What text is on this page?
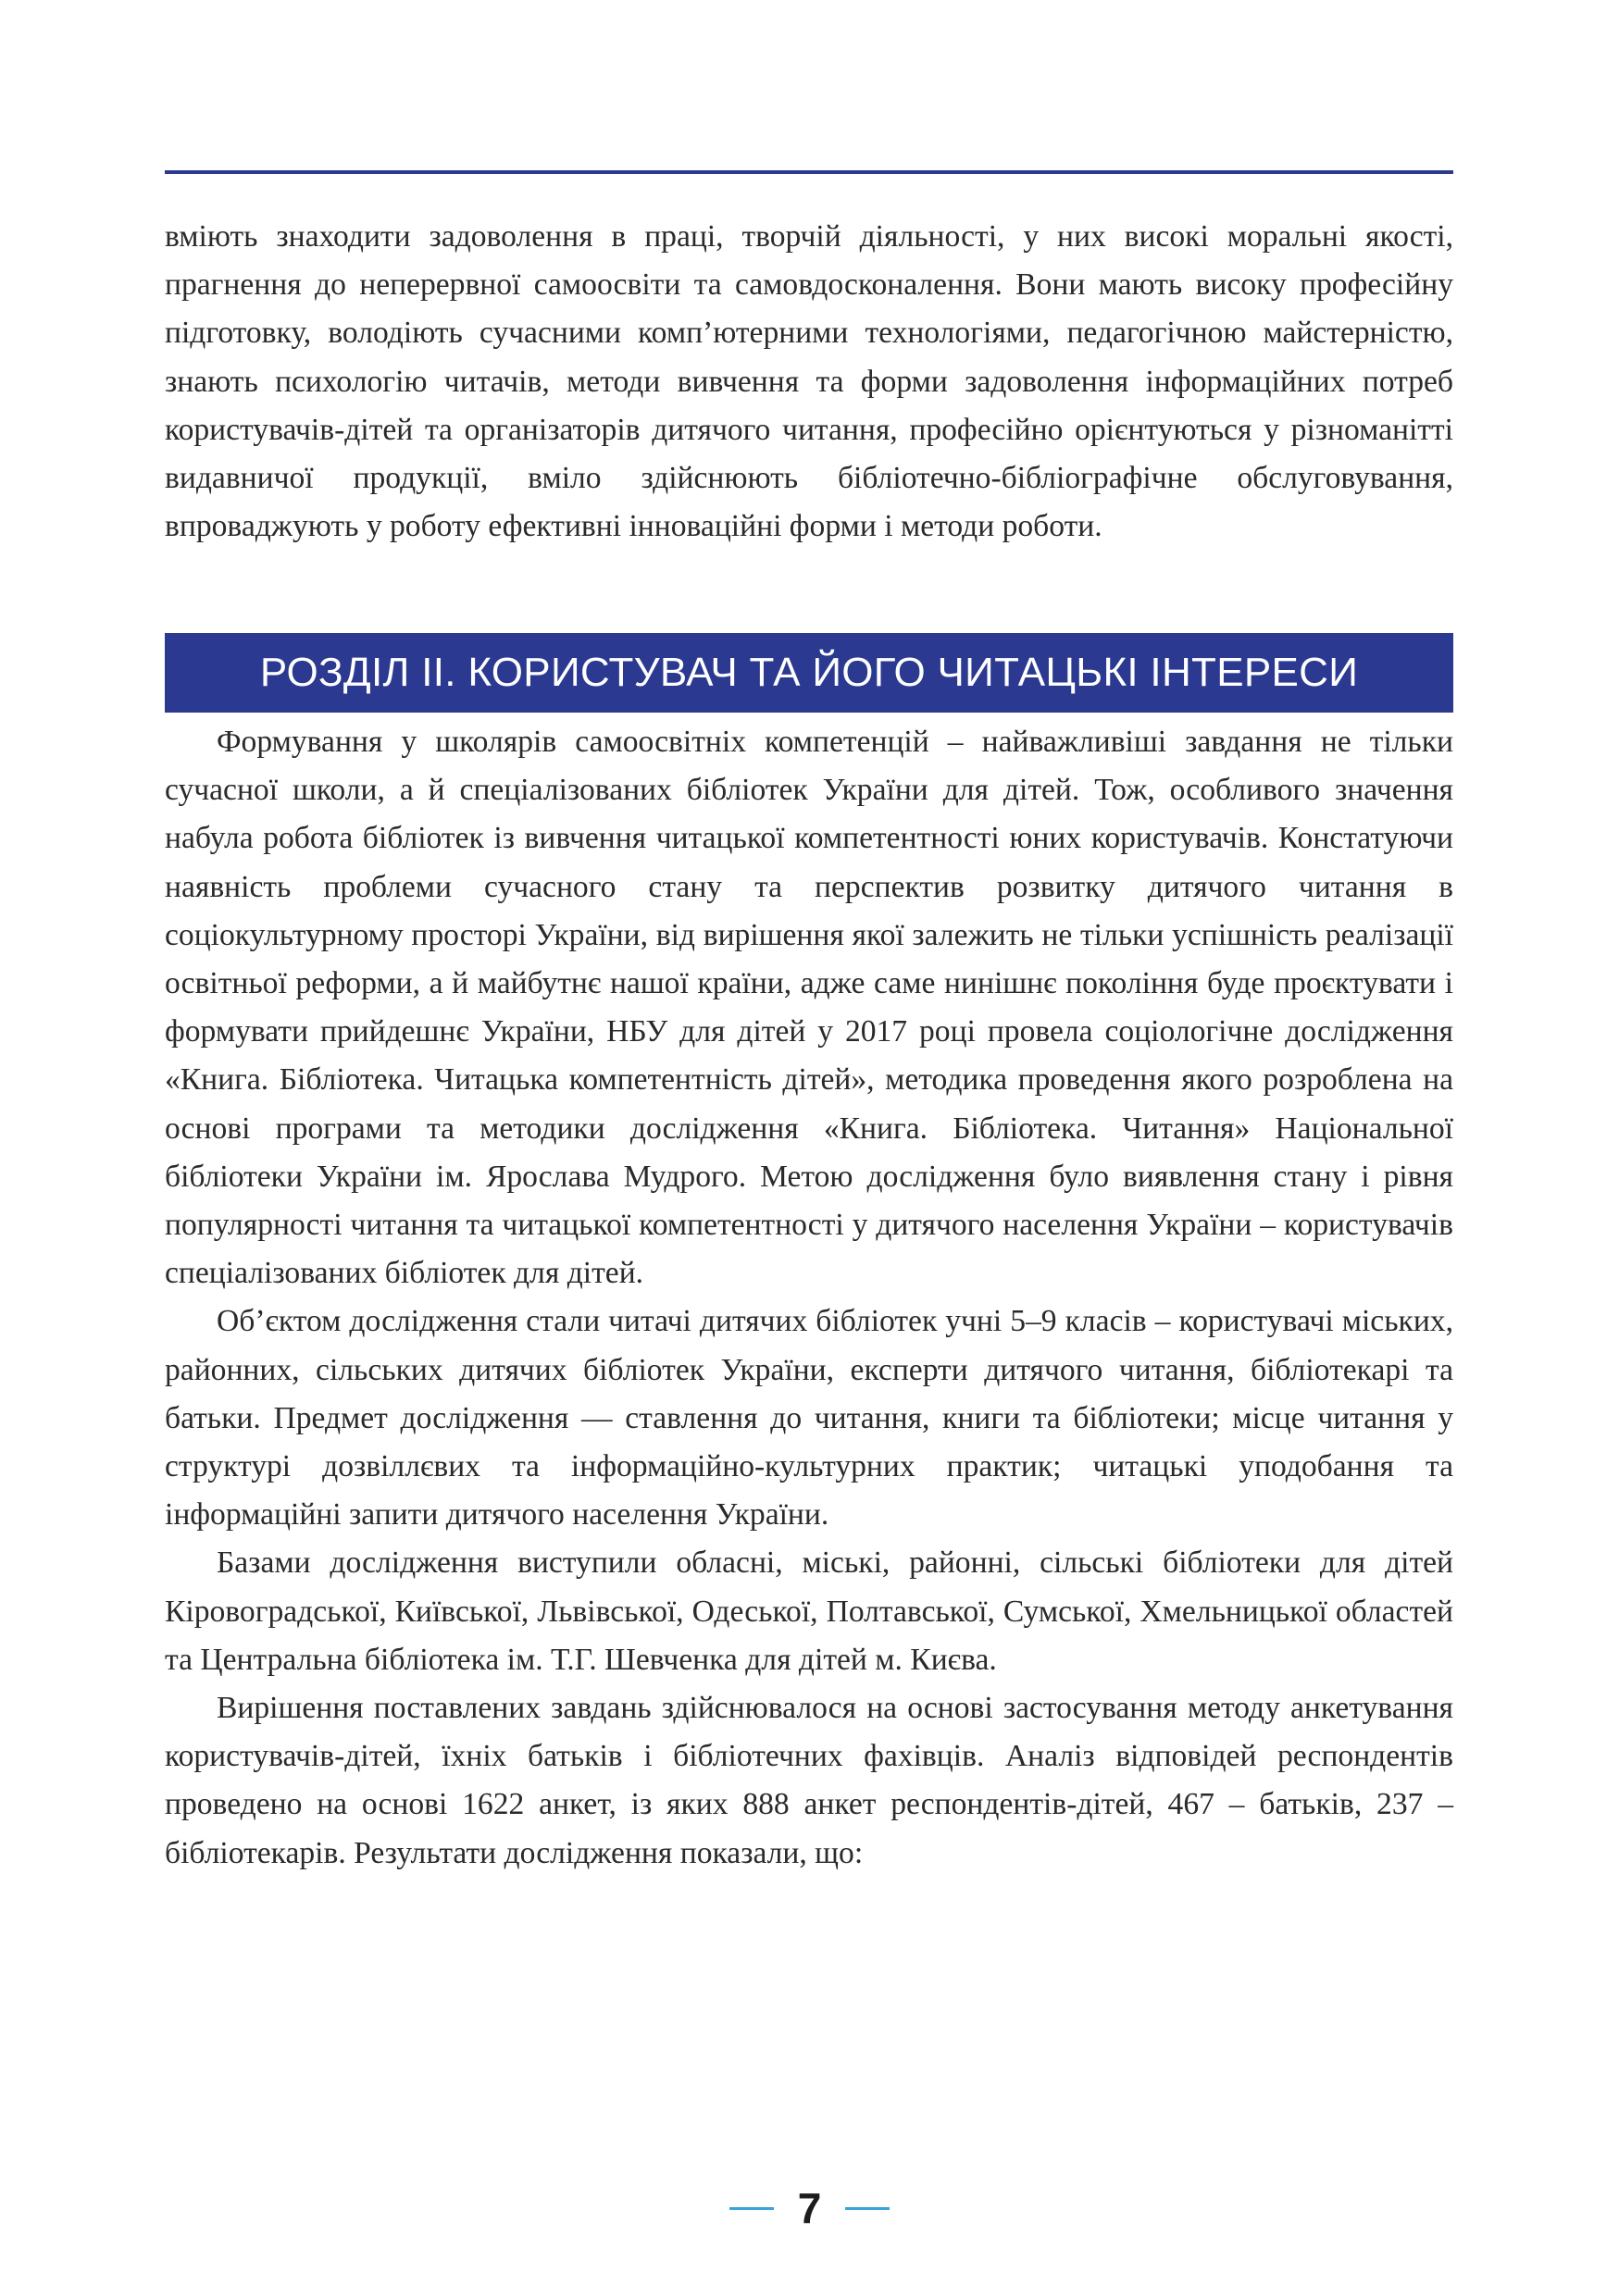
вміють знаходити задоволення в праці, творчій діяльності, у них високі моральні якості, прагнення до неперервної самоосвіти та самовдосконалення. Вони мають високу професійну підготовку, володіють сучасними комп’ютерними технологіями, педагогічною майстерністю, знають психологію читачів, методи вивчення та форми задоволення інформаційних потреб користувачів-дітей та організаторів дитячого читання, професійно орієнтуються у різноманітті видавничої продукції, вміло здійснюють бібліотечно-бібліографічне обслуговування, впроваджують у роботу ефективні інноваційні форми і методи роботи.

РОЗДІЛ ІІ. КОРИСТУВАЧ ТА ЙОГО ЧИТАЦЬКІ ІНТЕРЕСИ

Формування у школярів самоосвітніх компетенцій – найважливіші завдання не тільки сучасної школи, а й спеціалізованих бібліотек України для дітей. Тож, особливого значення набула робота бібліотек із вивчення читацької компетентності юних користувачів. Констатуючи наявність проблеми сучасного стану та перспектив розвитку дитячого читання в соціокультурному просторі України, від вирішення якої залежить не тільки успішність реалізації освітньої реформи, а й майбутнє нашої країни, адже саме нинішнє покоління буде проєктувати і формувати прийдешнє України, НБУ для дітей у 2017 році провела соціологічне дослідження «Книга. Бібліотека. Читацька компетентність дітей», методика проведення якого розроблена на основі програми та методики дослідження «Книга. Бібліотека. Читання» Національної бібліотеки України ім. Ярослава Мудрого. Метою дослідження було виявлення стану і рівня популярності читання та читацької компетентності у дитячого населення України – користувачів спеціалізованих бібліотек для дітей.

Об’єктом дослідження стали читачі дитячих бібліотек учні 5–9 класів – користувачі міських, районних, сільських дитячих бібліотек України, експерти дитячого читання, бібліотекарі та батьки. Предмет дослідження — ставлення до читання, книги та бібліотеки; місце читання у структурі дозвіллєвих та інформаційно-культурних практик; читацькі уподобання та інформаційні запити дитячого населення України.

Базами дослідження виступили обласні, міські, районні, сільські бібліотеки для дітей Кіровоградської, Київської, Львівської, Одеської, Полтавської, Сумської, Хмельницької областей та Центральна бібліотека ім. Т.Г. Шевченка для дітей м. Києва.

Вирішення поставлених завдань здійснювалося на основі застосування методу анкетування користувачів-дітей, їхніх батьків і бібліотечних фахівців. Аналіз відповідей респондентів проведено на основі 1622 анкет, із яких 888 анкет респондентів-дітей, 467 – батьків, 237 – бібліотекарів. Результати дослідження показали, що:

7
